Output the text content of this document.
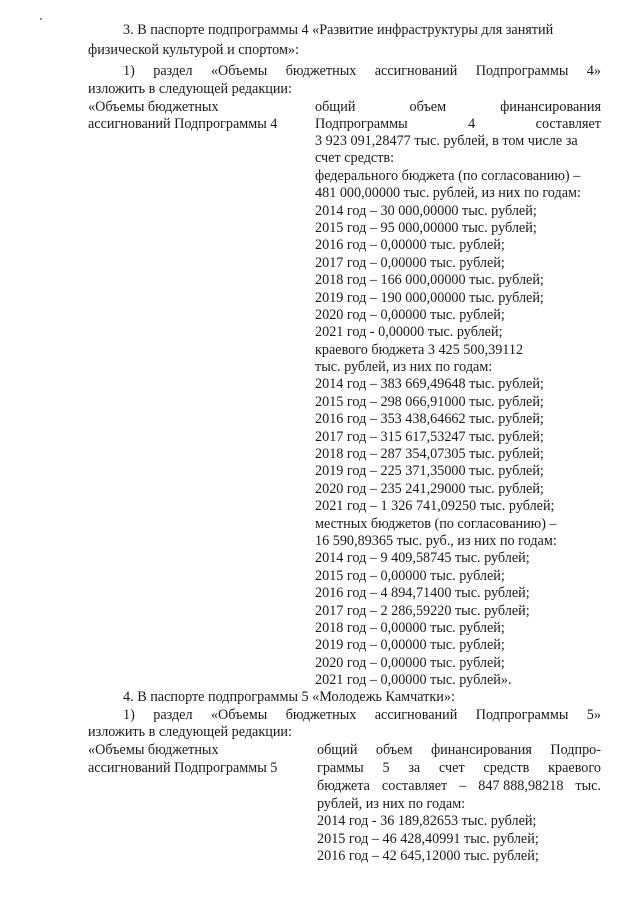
3. В паспорте подпрограммы 4 «Развитие инфраструктуры для занятий
физической культурой и спортом»:
1) раздел «Объемы бюджетных ассигнований Подпрограммы 4»
изложить в следующей редакции:
«Объемы бюджетных
ассигнований Подпрограммы 4
общий	объем	финансирования
Подпрограммы	4	составляет
3 923 091,28477 тыс. рублей, в том числе за
счет средств:
федерального бюджета (по согласованию) –
481 000,00000 тыс. рублей, из них по годам:
2014 год – 30 000,00000 тыс. рублей;
2015 год – 95 000,00000 тыс. рублей;
2016 год – 0,00000 тыс. рублей;
2017 год – 0,00000 тыс. рублей;
2018 год – 166 000,00000 тыс. рублей;
2019 год – 190 000,00000 тыс. рублей;
2020 год – 0,00000 тыс. рублей;
2021 год - 0,00000 тыс. рублей;
краевого бюджета 3 425 500,39112
тыс. рублей, из них по годам:
2014 год – 383 669,49648 тыс. рублей;
2015 год – 298 066,91000 тыс. рублей;
2016 год – 353 438,64662 тыс. рублей;
2017 год – 315 617,53247 тыс. рублей;
2018 год – 287 354,07305 тыс. рублей;
2019 год – 225 371,35000 тыс. рублей;
2020 год – 235 241,29000 тыс. рублей;
2021 год – 1 326 741,09250 тыс. рублей;
местных бюджетов (по согласованию) –
16 590,89365 тыс. руб., из них по годам:
2014 год – 9 409,58745 тыс. рублей;
2015 год – 0,00000 тыс. рублей;
2016 год – 4 894,71400 тыс. рублей;
2017 год – 2 286,59220 тыс. рублей;
2018 год – 0,00000 тыс. рублей;
2019 год – 0,00000 тыс. рублей;
2020 год – 0,00000 тыс. рублей;
2021 год – 0,00000 тыс. рублей».
4. В паспорте подпрограммы 5 «Молодежь Камчатки»:
1) раздел «Объемы бюджетных ассигнований Подпрограммы 5»
изложить в следующей редакции:
«Объемы бюджетных
ассигнований Подпрограммы 5
общий объем финансирования Подпро-
граммы 5 за счет средств краевого
бюджета составляет – 847 888,98218 тыс.
рублей, из них по годам:
2014 год - 36 189,82653 тыс. рублей;
2015 год – 46 428,40991 тыс. рублей;
2016 год – 42 645,12000 тыс. рублей;
